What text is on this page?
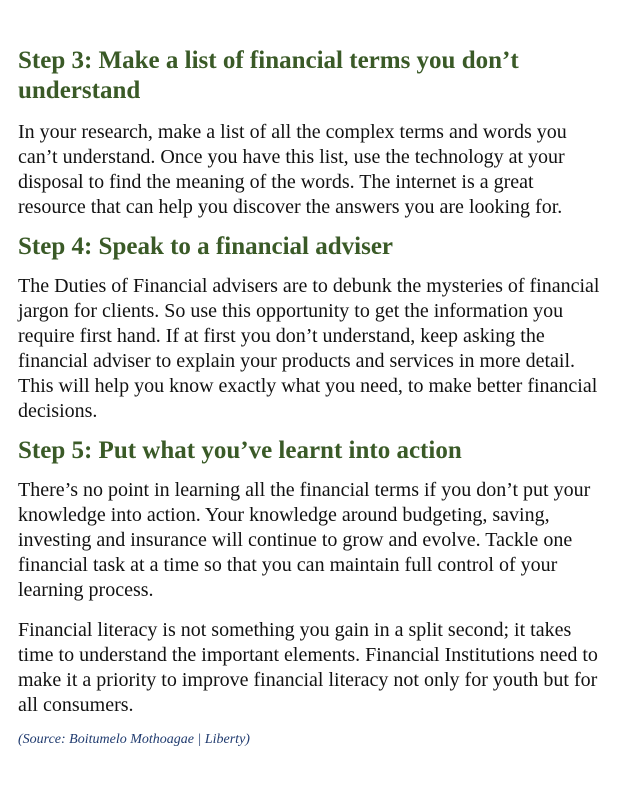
Step 3: Make a list of financial terms you don’t understand

In your research, make a list of all the complex terms and words you can’t understand. Once you have this list, use the technology at your disposal to find the meaning of the words. The internet is a great resource that can help you discover the answers you are looking for.

Step 4: Speak to a financial adviser

The Duties of Financial advisers are to debunk the mysteries of financial jargon for clients. So use this opportunity to get the information you require first hand. If at first you don’t understand, keep asking the financial adviser to explain your products and services in more detail. This will help you know exactly what you need, to make better financial decisions.

Step 5: Put what you’ve learnt into action

There’s no point in learning all the financial terms if you don’t put your knowledge into action. Your knowledge around budgeting, saving, investing and insurance will continue to grow and evolve. Tackle one financial task at a time so that you can maintain full control of your learning process.

Financial literacy is not something you gain in a split second; it takes time to understand the important elements. Financial Institutions need to make it a priority to improve financial literacy not only for youth but for all consumers.

(Source: Boitumelo Mothoagae | Liberty)
